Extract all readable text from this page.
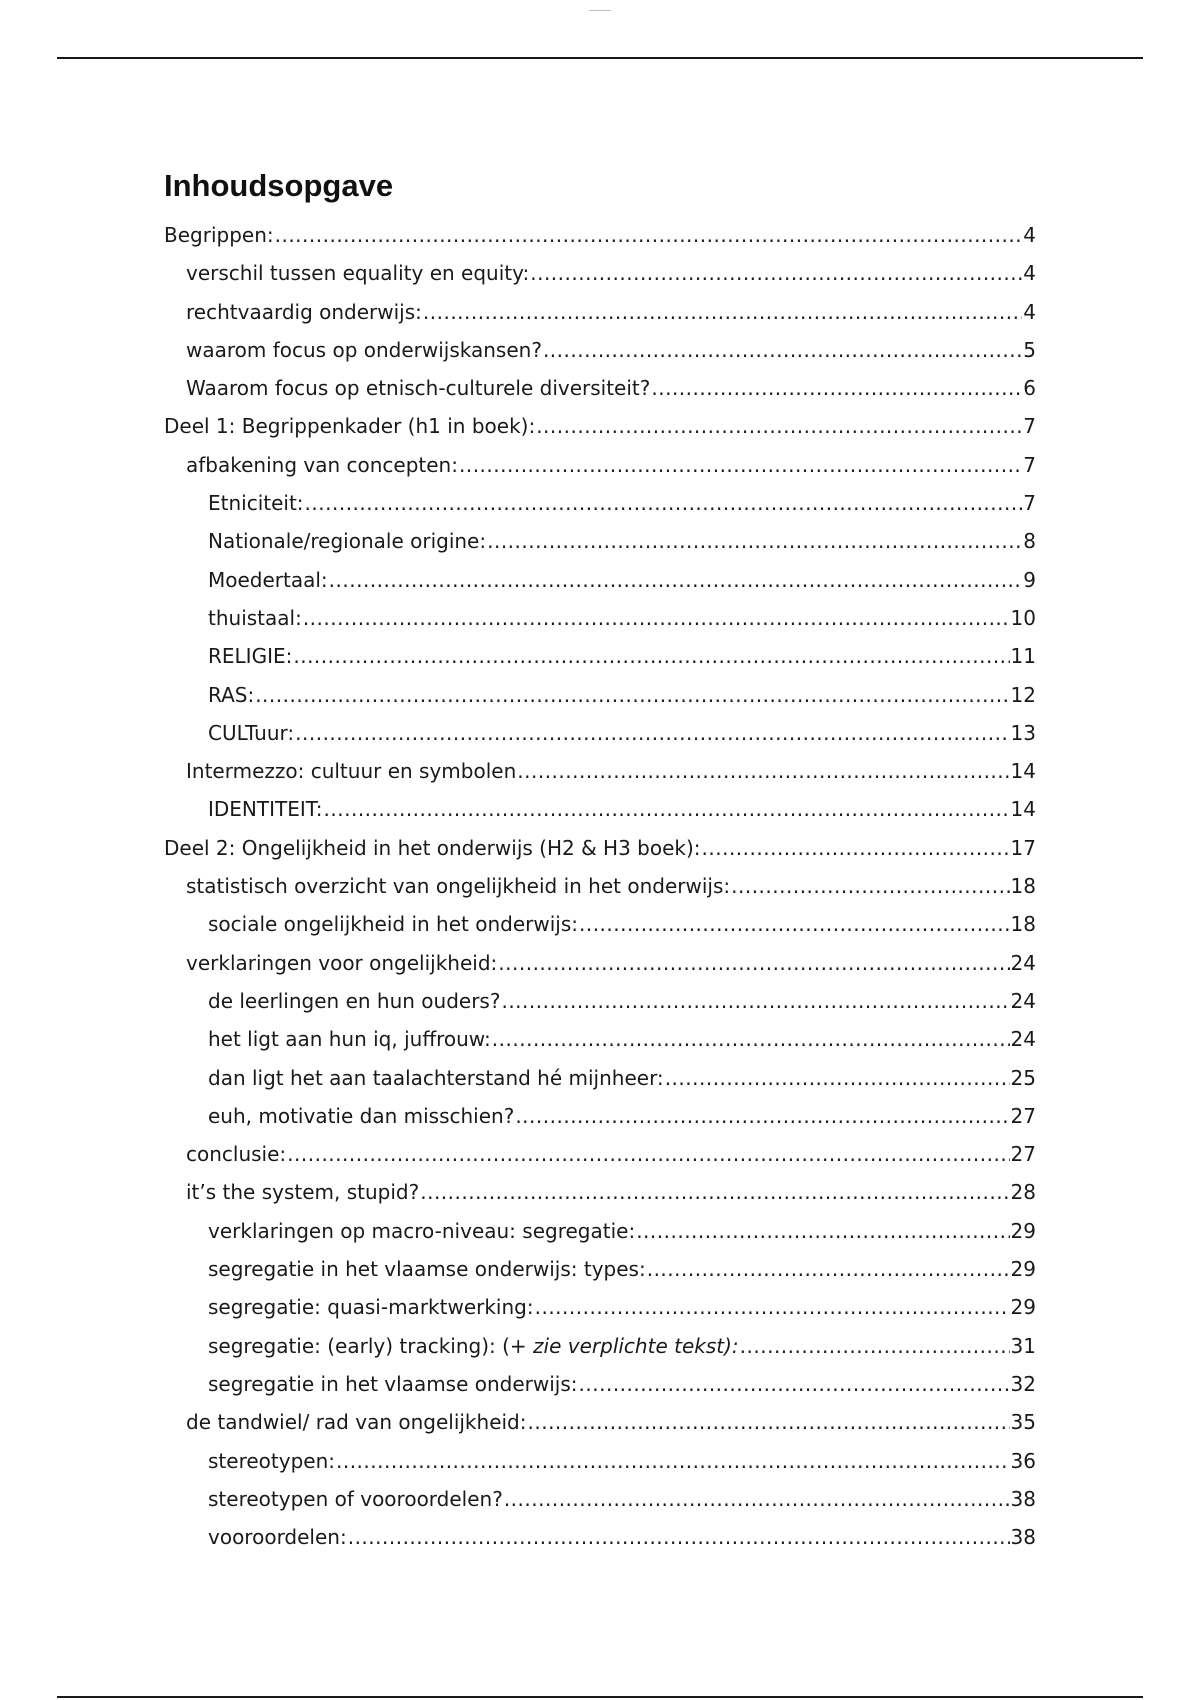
Inhoudsopgave
Begrippen: .....	4
verschil tussen equality en equity: .....	4
rechtvaardig onderwijs: .....	4
waarom focus op onderwijskansen? .....	5
Waarom focus op etnisch-culturele diversiteit? .....	6
Deel 1: Begrippenkader (h1 in boek): .....	7
afbakening van concepten: .....	7
Etniciteit: .....	7
Nationale/regionale origine: .....	8
Moedertaal: .....	9
thuistaal: .....	10
RELIGIE: .....	11
RAS: .....	12
CULTuur: .....	13
Intermezzo: cultuur en symbolen .....	14
IDENTITEIT: .....	14
Deel 2: Ongelijkheid in het onderwijs (H2 & H3 boek): .....	17
statistisch overzicht van ongelijkheid in het onderwijs: .....	18
sociale ongelijkheid in het onderwijs: .....	18
verklaringen voor ongelijkheid: .....	24
de leerlingen en hun ouders? .....	24
het ligt aan hun iq, juffrouw: .....	24
dan ligt het aan taalachterstand hé mijnheer: .....	25
euh, motivatie dan misschien? .....	27
conclusie: .....	27
it’s the system, stupid? .....	28
verklaringen op macro-niveau: segregatie: .....	29
segregatie in het vlaamse onderwijs: types: .....	29
segregatie: quasi-marktwerking: .....	29
segregatie: (early) tracking): (+ zie verplichte tekst): .....	31
segregatie in het vlaamse onderwijs: .....	32
de tandwiel/ rad van ongelijkheid: .....	35
stereotypen: .....	36
stereotypen of vooroordelen? .....	38
vooroordelen: .....	38
